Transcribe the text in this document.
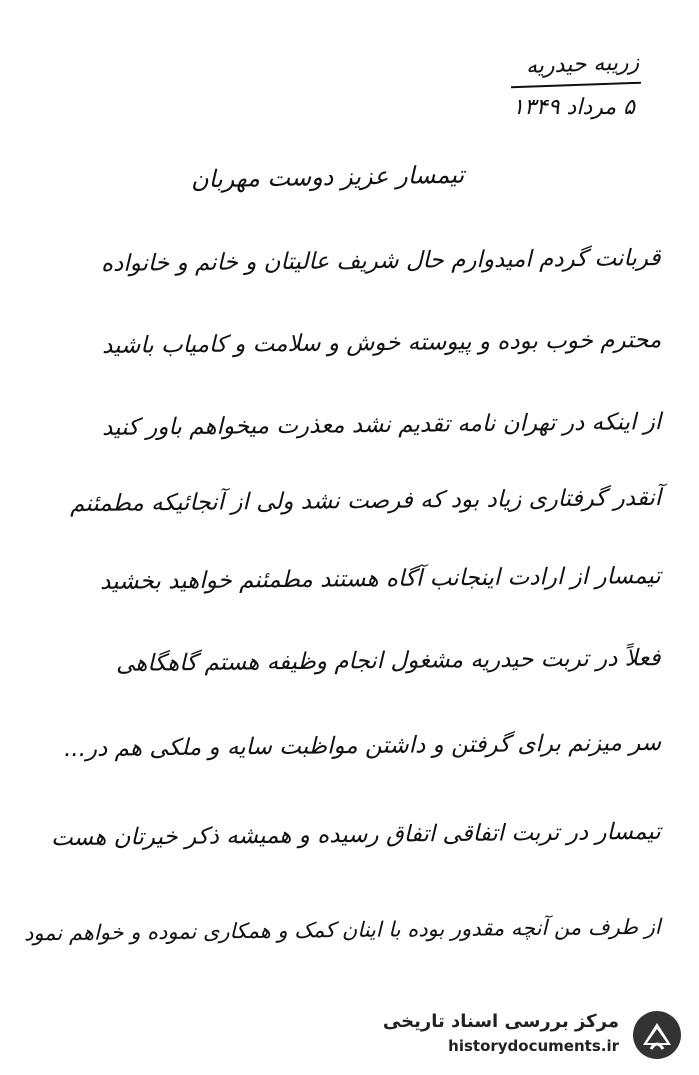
زریبه حیدریه
۵ مرداد ۱۳۴۹
تیمسار عزیز دوست مهربان
قربانت گردم امیدوارم حال شریف عالیتان و خانم و خانواده
محترم خوب بوده و پیوسته خوش و سلامت و کامیاب باشید
از اینکه در تهران نامه تقدیم نشد معذرت میخواهم باور کنید
آنقدر گرفتاری زیاد بود که فرصت نشد ولی از آنجائیکه مطمئنم
تیمسار از ارادت اینجانب آگاه هستند مطمئنم خواهید بخشید
فعلاً در تربت حیدریه مشغول انجام وظیفه هستم گاهگاهی
سر میزنم برای گرفتن و داشتن مواظبت سایه و ملکی هم در...
تیمسار در تربت اتفاقی اتفاق رسیده و همیشه ذکر خیرتان هست
از طرف من آنچه مقدور بوده با اینان کمک و همکاری نموده و خواهم نمود
مرکز بررسی اسناد تاریخی
historydocuments.ir
